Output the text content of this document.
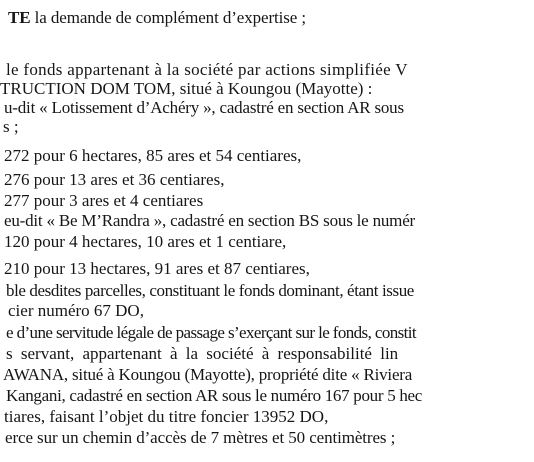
TE la demande de complément d’expertise ;
le fonds appartenant à la société par actions simplifiée V
TRUCTION DOM TOM, situé à Koungou (Mayotte) :
u-dit « Lotissement d’Achéry », cadastré en section AR sous
s ;
272 pour 6 hectares, 85 ares et 54 centiares,
276 pour 13 ares et 36 centiares,
277 pour 3 ares et 4 centiares
eu-dit « Be M’Randra », cadastré en section BS sous le numér
120 pour 4 hectares, 10 ares et 1 centiare,
210 pour 13 hectares, 91 ares et 87 centiares,
ble desdites parcelles, constituant le fonds dominant, étant issue
cier numéro 67 DO,
e d’une servitude légale de passage s’exerçant sur le fonds, constit
s servant, appartenant à la société à responsabilité lin
AWANA, situé à Koungou (Mayotte), propriété dite « Riviera
Kangani, cadastré en section AR sous le numéro 167 pour 5 hec
tiares, faisant l’objet du titre foncier 13952 DO,
erce sur un chemin d’accès de 7 mètres et 50 centimètres ;
